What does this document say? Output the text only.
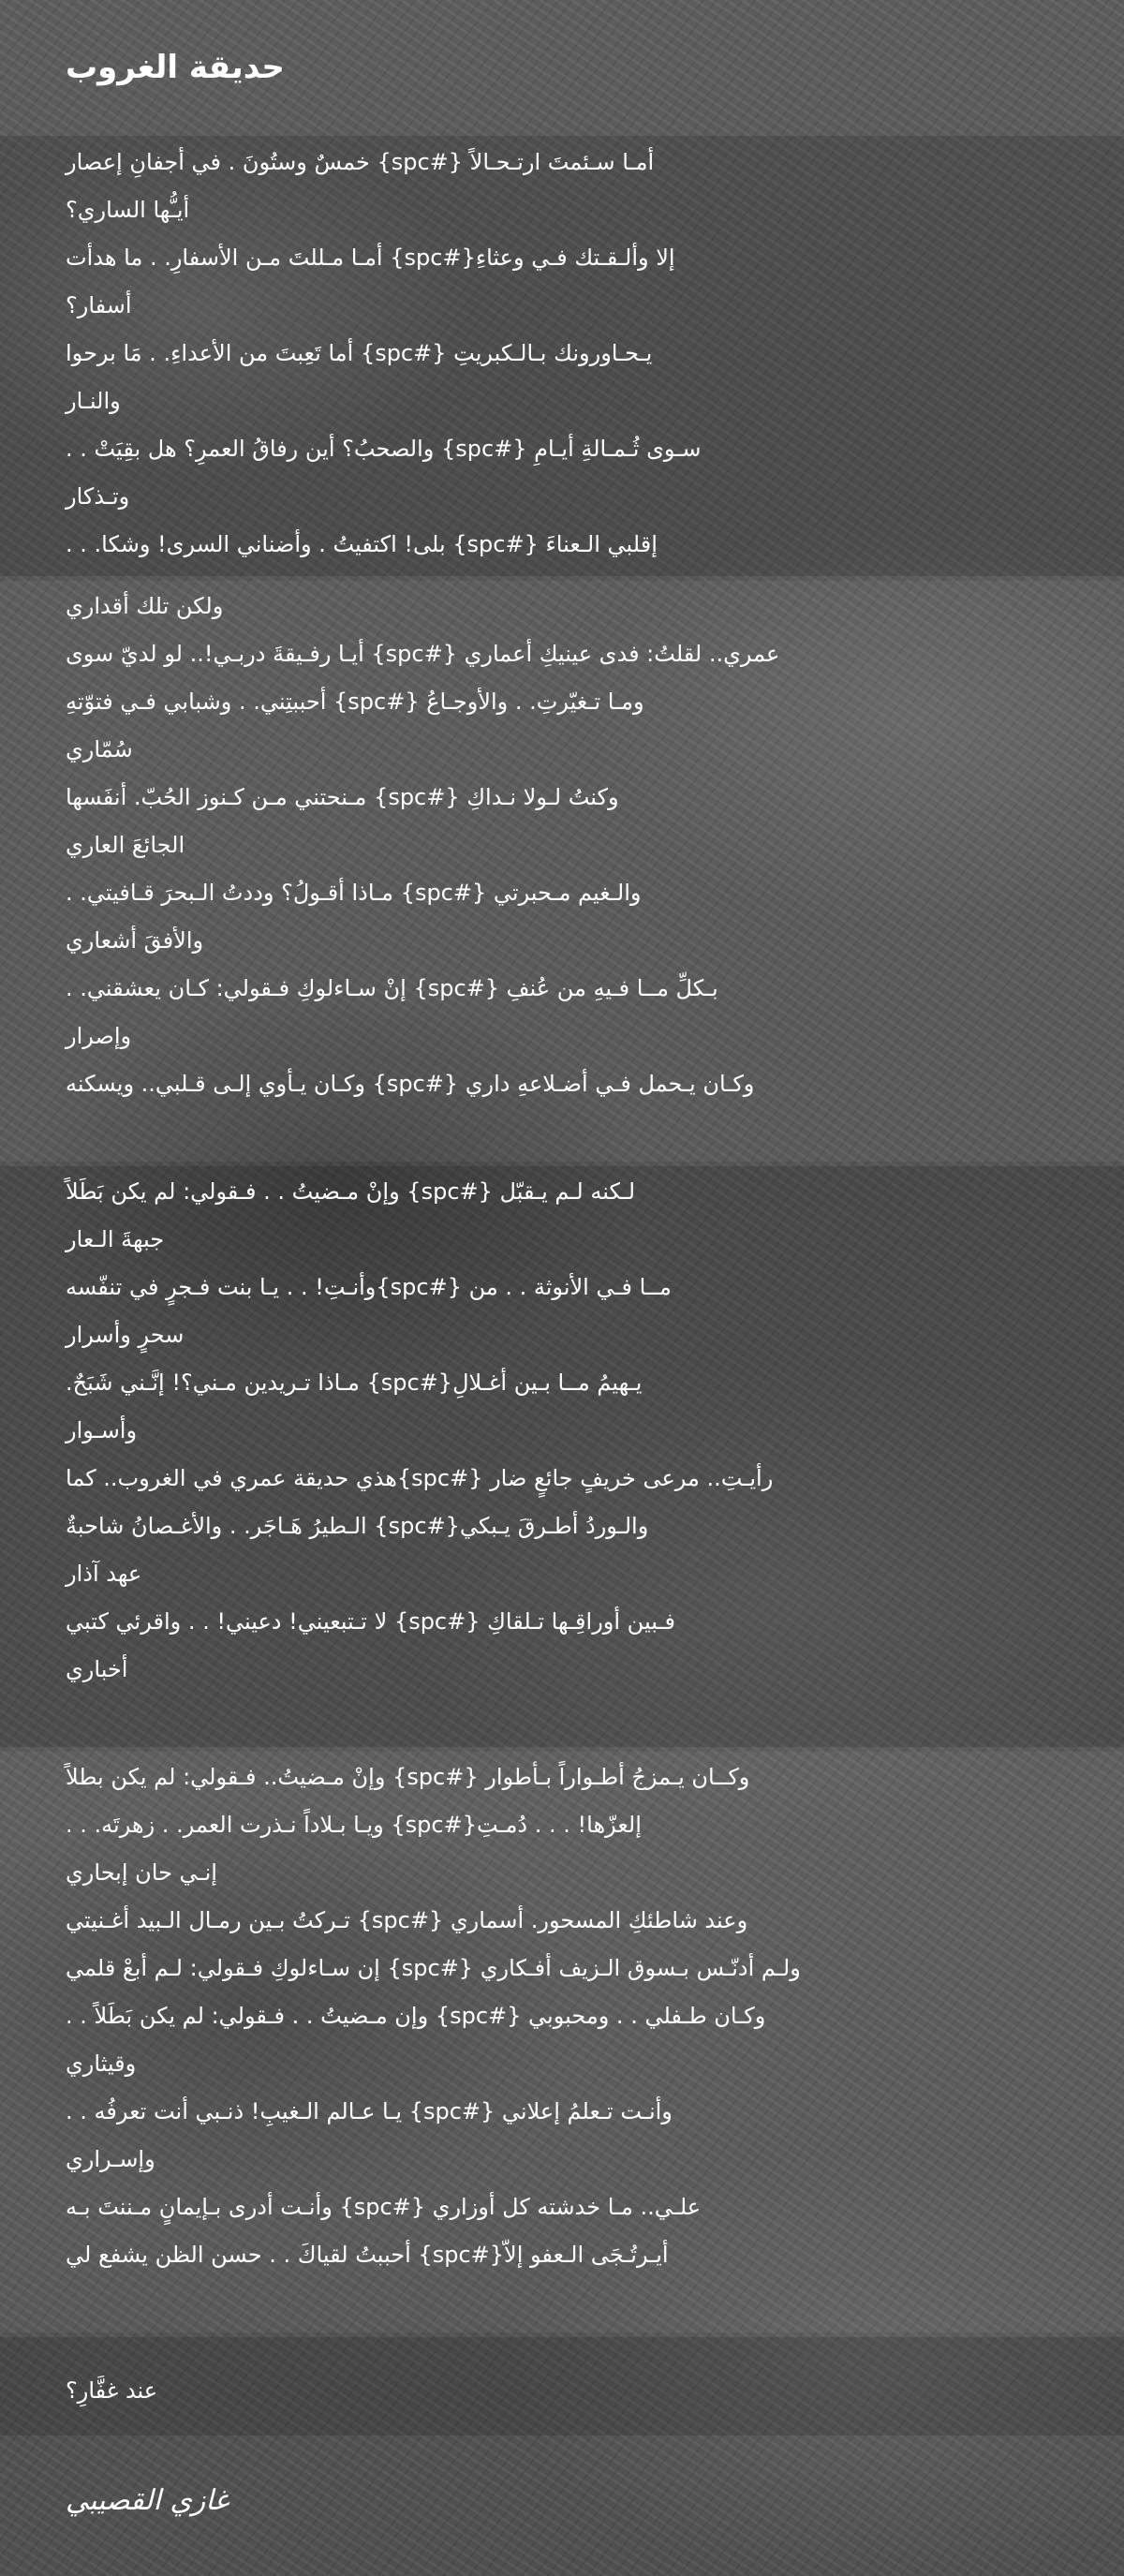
حديقة الغروب
أمـا سـئمتَ ارتـحـالاً {#spc} خمسٌ وستُونَ . في أجفانِ إعصار
أيـُّها الساري؟
إلا وألـقـتك فـي وعثاءِ{#spc} أمـا مـللتَ مـن الأسفارِ. . ما هدأت
أسفار؟
يـحـاورونك بـالـكبريتِ {#spc} أما تَعِبتَ من الأعداءِ. . مَا برحوا
والنـار
سـوى ثُـمـالةِ أيـامِ {#spc} والصحبُ؟ أين رفاقُ العمرِ؟ هل بقِيَتْ . .
وتـذكار
إقلبي الـعناءَ {#spc} بلى! اكتفيتُ . وأضناني السرى! وشكا. . .
ولكن تلك أقداري
عمري.. لقلتُ: فدى عينيكِ أعماري {#spc} أيـا رفـيقةَ دربـي!.. لو لديّ سوى
ومـا تـغيّرتِ. . والأوجـاعُ {#spc} أحببتِني. . وشبابي فـي فتوّتهِ
سُمّاري
وكنتُ لـولا نـداكِ {#spc} مـنحتني مـن كـنوز الحُبّ. أنفَسها
الجائعَ العاري
والـغيم مـحبرتي {#spc} مـاذا أقـولُ؟ وددتُ الـبحرَ قـافيتي. .
والأفقَ أشعاري
بـكلِّ مــا فـيهِ من عُنفِ {#spc} إنْ سـاءلوكِ فـقولي: كـان يعشقني. .
وإصرار
وكـان يـحمل فـي أضـلاعهِ داري {#spc} وكـان يـأوي إلـى قـلبي.. ويسكنه
لـكنه لـم يـقبّل {#spc} وإنْ مـضيتُ . . فـقولي: لم يكن بَطَلاً
جبهةَ الـعار
مــا فـي الأنوثة . . من {#spc}وأنـتِ! . . يـا بنت فـجرٍ في تنفّسه
سحرٍ وأسرار
يـهيمُ مــا بـين أغـلالِ{#spc} مـاذا تـريدين مـني؟! إنَّـني شَبَحٌ.
وأسـوار
رأيـتِ.. مرعى خريفٍ جائعٍ ضار {#spc}هذي حديقة عمري في الغروب.. كما
والـوردُ أطـرقَ يـبكي{#spc} الـطيرُ هَـاجَر. . والأغـصانُ شاحبةٌ
عهد آذار
فـبين أوراقِـها تـلقاكِ {#spc} لا تـتبعيني! دعيني! . . واقرئي كتبي
أخباري
وكــان يـمزجُ أطـواراً بـأطوار {#spc} وإنْ مـضيتُ.. فـقولي: لم يكن بطلاً
إلعزّها! . . . دُمـتِ{#spc} ويـا بـلاداً نـذرت العمر. . زهرتَه. . .
إنـي حان إبحاري
وعند شاطئكِ المسحور. أسماري {#spc} تـركتُ بـين رمـال الـبيد أغـنيتي
ولـم أدنّـس بـسوق الـزيف أفـكاري {#spc} إن سـاءلوكِ فـقولي: لـم أبعْ قلمي
وكـان طـفلي . . ومحبوبي {#spc} وإن مـضيتُ . . فـقولي: لم يكن بَطَلاً . .
وقيثاري
وأنـت تـعلمُ إعلاني {#spc} يـا عـالم الـغيبِ! ذنـبي أنت تعرفُه . .
وإسـراري
علـي.. مـا خدشته كل أوزاري {#spc} وأنـت أدرى بـإيمانٍ مـننتَ بـه
أيـرتُـجَى الـعفو إلاّ{#spc} أحببتُ لقياكَ . . حسن الظن يشفع لي
عند غفَّارِ؟
غازي القصيبي
